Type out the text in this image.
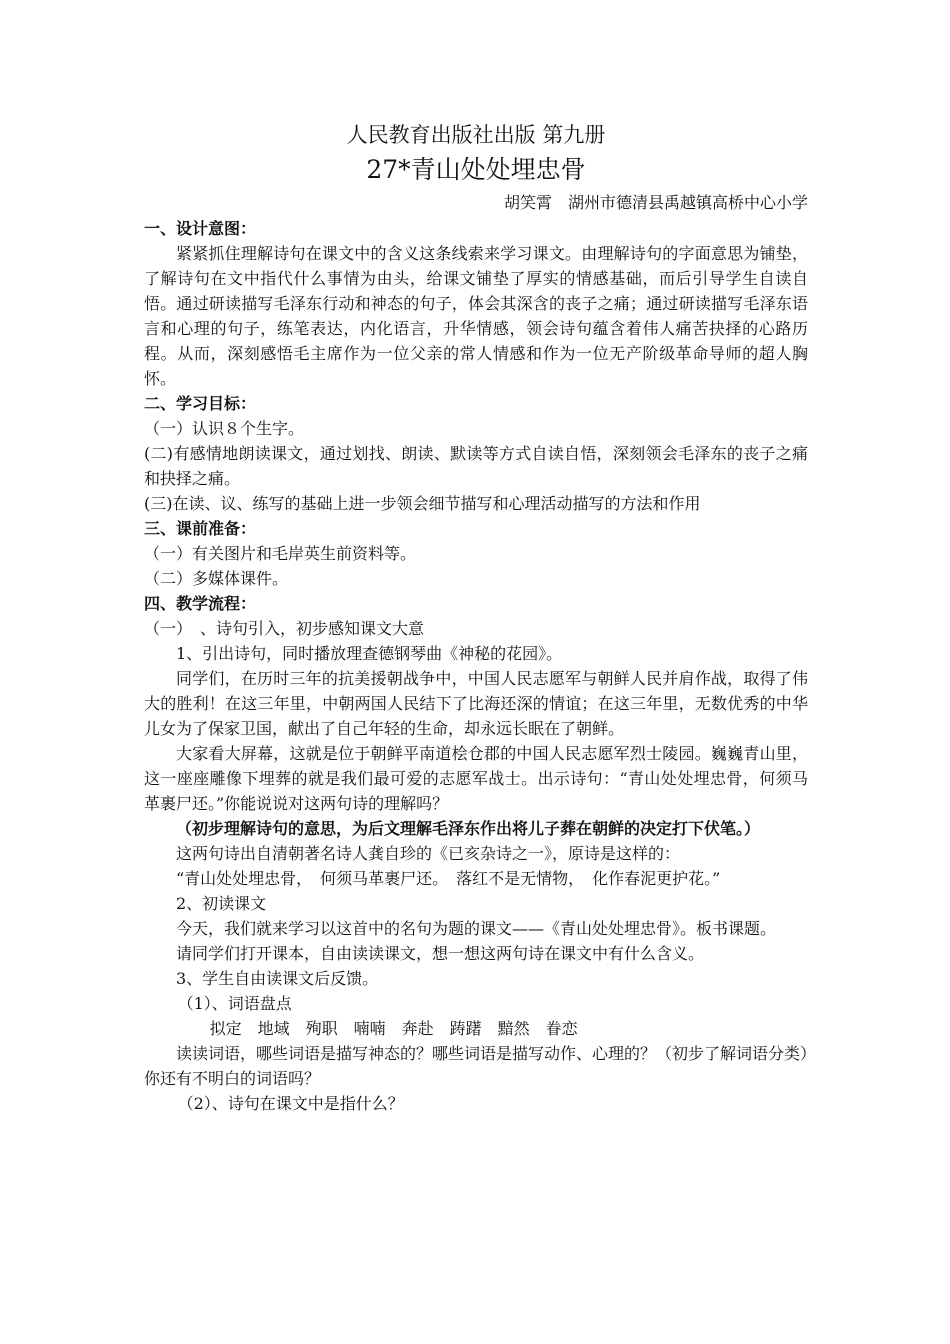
人民教育出版社出版 第九册

27*青山处处埋忠骨

胡笑霄　湖州市德清县禹越镇高桥中心小学

一、设计意图：

紧紧抓住理解诗句在课文中的含义这条线索来学习课文。由理解诗句的字面意思为铺垫，了解诗句在文中指代什么事情为由头，给课文铺垫了厚实的情感基础，而后引导学生自读自悟。通过研读描写毛泽东行动和神态的句子，体会其深含的丧子之痛；通过研读描写毛泽东语言和心理的句子，练笔表达，内化语言，升华情感，领会诗句蕴含着伟人痛苦抉择的心路历程。从而，深刻感悟毛主席作为一位父亲的常人情感和作为一位无产阶级革命导师的超人胸怀。

二、学习目标：

（一）认识８个生字。

(二)有感情地朗读课文，通过划找、朗读、默读等方式自读自悟，深刻领会毛泽东的丧子之痛和抉择之痛。

(三)在读、议、练写的基础上进一步领会细节描写和心理活动描写的方法和作用

三、课前准备：

（一）有关图片和毛岸英生前资料等。

（二）多媒体课件。

四、教学流程：

（一）　、诗句引入，初步感知课文大意

1、引出诗句，同时播放理查德钢琴曲《神秘的花园》。

同学们，在历时三年的抗美援朝战争中，中国人民志愿军与朝鲜人民并肩作战，取得了伟大的胜利！在这三年里，中朝两国人民结下了比海还深的情谊；在这三年里，无数优秀的中华儿女为了保家卫国，献出了自己年轻的生命，却永远长眠在了朝鲜。

大家看大屏幕，这就是位于朝鲜平南道桧仓郡的中国人民志愿军烈士陵园。巍巍青山里，这一座座雕像下埋葬的就是我们最可爱的志愿军战士。出示诗句：“青山处处埋忠骨，何须马革裹尸还。”你能说说对这两句诗的理解吗？

（初步理解诗句的意思，为后文理解毛泽东作出将儿子葬在朝鲜的决定打下伏笔。）

这两句诗出自清朝著名诗人龚自珍的《已亥杂诗之一》，原诗是这样的：

“青山处处埋忠骨，　何须马革裹尸还。　落红不是无情物，　化作春泥更护花。”

2、初读课文

今天，我们就来学习以这首中的名句为题的课文——《青山处处埋忠骨》。板书课题。

请同学们打开课本，自由读读课文，想一想这两句诗在课文中有什么含义。

3、学生自由读课文后反馈。

（1）、词语盘点

拟定　地域　殉职　喃喃　奔赴　踌躇　黯然　眷恋

读读词语，哪些词语是描写神态的？哪些词语是描写动作、心理的？（初步了解词语分类）你还有不明白的词语吗？

（2）、诗句在课文中是指什么？
